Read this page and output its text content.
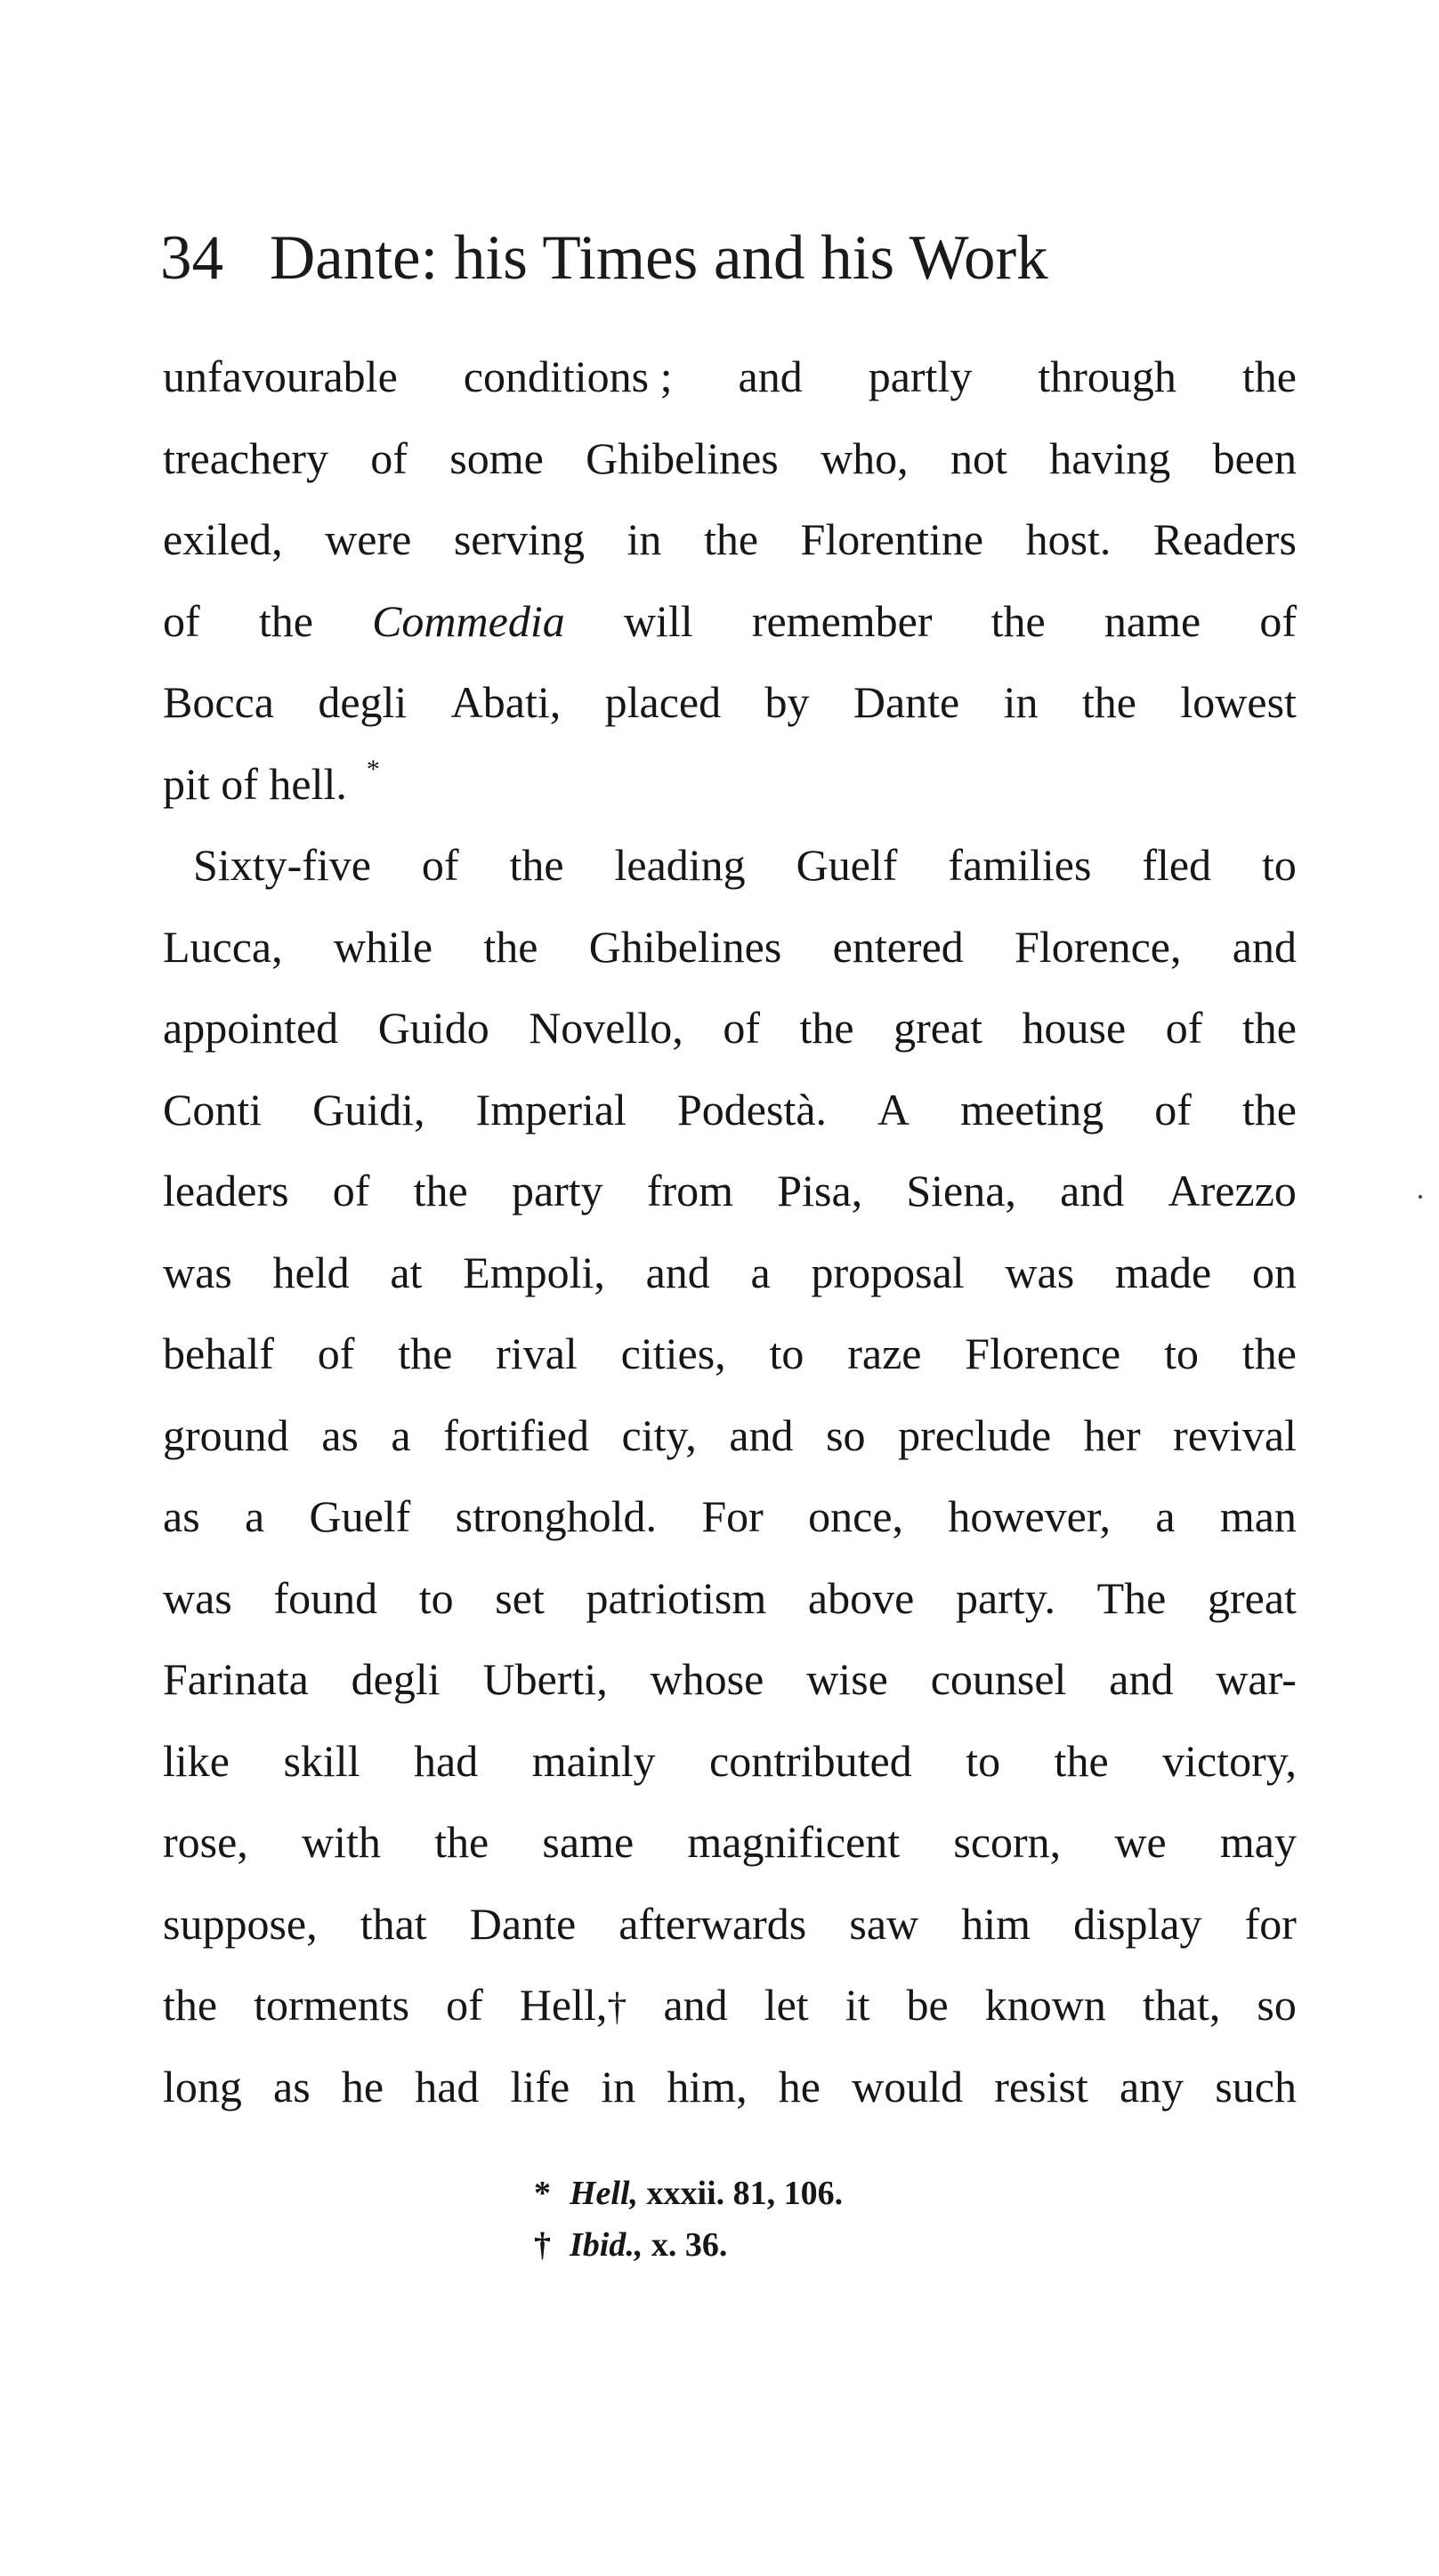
34 Dante: his Times and his Work
unfavourable conditions ; and partly through the
treachery of some Ghibelines who, not having been
exiled, were serving in the Florentine host. Readers
of the Commedia will remember the name of
Bocca degli Abati, placed by Dante in the lowest
pit of hell. *
Sixty-five of the leading Guelf families fled to
Lucca, while the Ghibelines entered Florence, and
appointed Guido Novello, of the great house of the
Conti Guidi, Imperial Podestà. A meeting of the
leaders of the party from Pisa, Siena, and Arezzo
was held at Empoli, and a proposal was made on
behalf of the rival cities, to raze Florence to the
ground as a fortified city, and so preclude her revival
as a Guelf stronghold. For once, however, a man
was found to set patriotism above party. The great
Farinata degli Uberti, whose wise counsel and war-
like skill had mainly contributed to the victory,
rose, with the same magnificent scorn, we may
suppose, that Dante afterwards saw him display for
the torments of Hell,† and let it be known that, so
long as he had life in him, he would resist any such
* Hell, xxxii. 81, 106.
† Ibid., x. 36.
